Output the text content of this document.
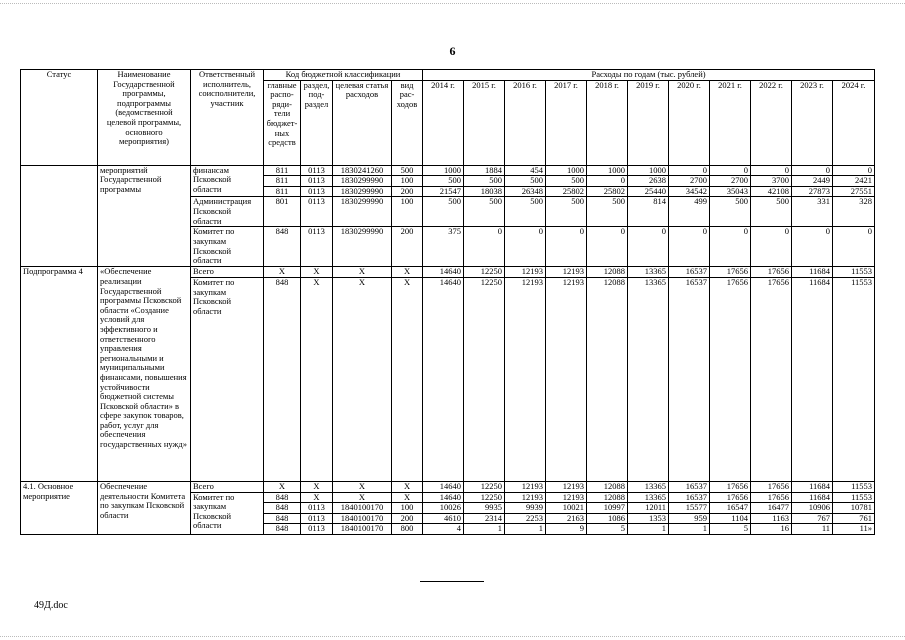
6
Статус	Наименование Государственной программы, подпрограммы (ведомственной целевой программы, основного мероприятия)	Ответственный исполнитель, соисполнители, участник	Код бюджетной классификации				Расходы по годам (тыс. рублей)										
			главные распо-ряди-тели бюджет-ных средств	раздел, под-раздел	целевая статья расходов	вид рас-ходов	2014 г.	2015 г.	2016 г.	2017 г.	2018 г.	2019 г.	2020 г.	2021 г.	2022 г.	2023 г.	2024 г.
	мероприятий Государственной программы	финансам Псковской области	811	0113	1830241260	500	1000	1884	454	1000	1000	1000	0	0	0	0	0
			811	0113	1830299990	100	500	500	500	500	0	2638	2700	2700	3700	2449	2421
			811	0113	1830299990	200	21547	18038	26348	25802	25802	25440	34542	35043	42108	27873	27551
		Администрация Псковской области	801	0113	1830299990	100	500	500	500	500	500	814	499	500	500	331	328
		Комитет по закупкам Псковской области	848	0113	1830299990	200	375	0	0	0	0	0	0	0	0	0	0
Подпрограмма 4	«Обеспечение реализации Государственной программы Псковской области «Создание условий для эффективного и ответственного управления региональными и муниципальными финансами, повышения устойчивости бюджетной системы Псковской области» в сфере закупок товаров, работ, услуг для обеспечения государственных нужд»	Всего	Х	Х	Х	Х	14640	12250	12193	12193	12088	13365	16537	17656	17656	11684	11553
		Комитет по закупкам Псковской области	848	Х	Х	Х	14640	12250	12193	12193	12088	13365	16537	17656	17656	11684	11553
4.1. Основное мероприятие	Обеспечение деятельности Комитета по закупкам Псковской области	Всего	Х	Х	Х	Х	14640	12250	12193	12193	12088	13365	16537	17656	17656	11684	11553
		Комитет по закупкам Псковской области	848	Х	Х	Х	14640	12250	12193	12193	12088	13365	16537	17656	17656	11684	11553
			848	0113	1840100170	100	10026	9935	9939	10021	10997	12011	15577	16547	16477	10906	10781
			848	0113	1840100170	200	4610	2314	2253	2163	1086	1353	959	1104	1163	767	761
			848	0113	1840100170	800	4	1	1	9	5	1	1	5	16	11	11»
49Д.doc
